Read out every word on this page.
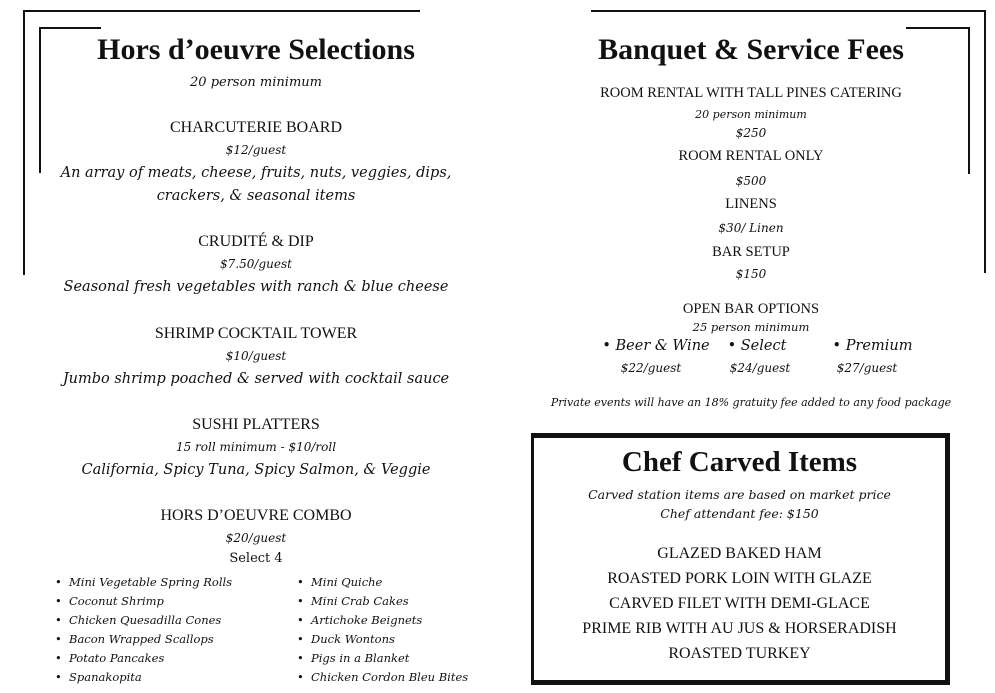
Hors d’oeuvre Selections
20 person minimum
CHARCUTERIE BOARD
$12/guest
An array of meats, cheese, fruits, nuts, veggies, dips,
crackers, & seasonal items
CRUDITÉ & DIP
$7.50/guest
Seasonal fresh vegetables with ranch & blue cheese
SHRIMP COCKTAIL TOWER
$10/guest
Jumbo shrimp poached & served with cocktail sauce
SUSHI PLATTERS
15 roll minimum - $10/roll
California, Spicy Tuna, Spicy Salmon, & Veggie
HORS D’OEUVRE COMBO
$20/guest
Select 4
• Mini Vegetable Spring Rolls
• Coconut Shrimp
• Chicken Quesadilla Cones
• Bacon Wrapped Scallops
• Potato Pancakes
• Spanakopita
• Mini Quiche
• Mini Crab Cakes
• Artichoke Beignets
• Duck Wontons
• Pigs in a Blanket
• Chicken Cordon Bleu Bites
Banquet & Service Fees
ROOM RENTAL WITH TALL PINES CATERING
20 person minimum
$250
ROOM RENTAL ONLY
$500
LINENS
$30/ Linen
BAR SETUP
$150
OPEN BAR OPTIONS
25 person minimum
• Beer & Wine	• Select	• Premium
$22/guest	$24/guest	$27/guest
Private events will have an 18% gratuity fee added to any food package
Chef Carved Items
Carved station items are based on market price
Chef attendant fee: $150
GLAZED BAKED HAM
ROASTED PORK LOIN WITH GLAZE
CARVED FILET WITH DEMI-GLACE
PRIME RIB WITH AU JUS & HORSERADISH
ROASTED TURKEY
